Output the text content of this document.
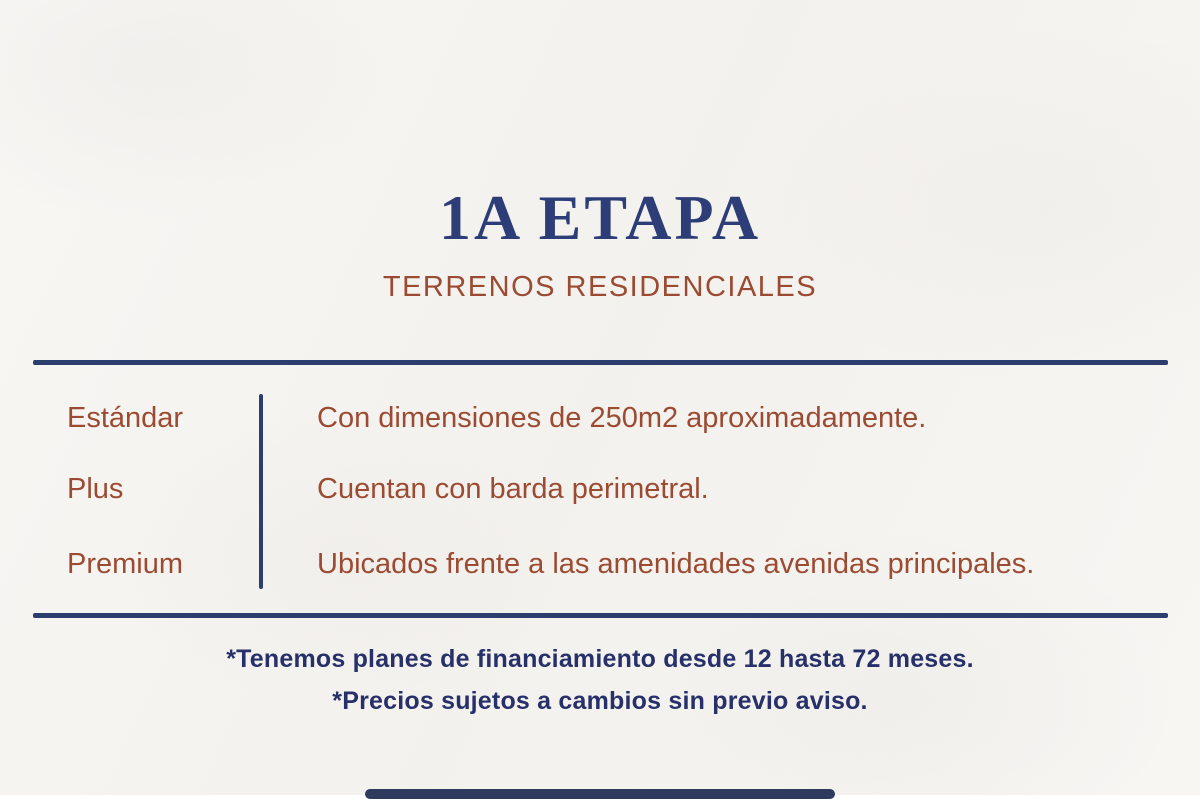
1A ETAPA
TERRENOS RESIDENCIALES
Estándar	Con dimensiones de 250m2 aproximadamente.
Plus	Cuentan con barda perimetral.
Premium	Ubicados frente a las amenidades avenidas principales.
*Tenemos planes de financiamiento desde 12 hasta 72 meses.
*Precios sujetos a cambios sin previo aviso.
